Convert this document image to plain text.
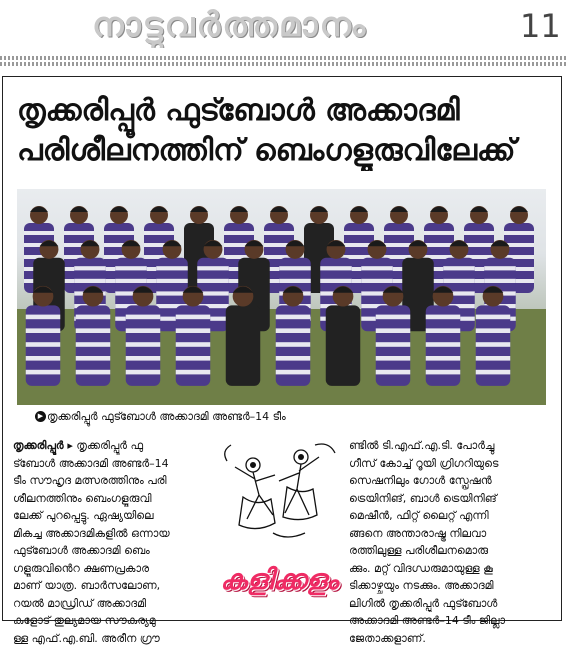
നാട്ടുവർത്തമാനം	11
തൃക്കരിപ്പൂർ ഫുട്ബോൾ അക്കാദമി
പരിശീലനത്തിന് ബെംഗളൂരുവിലേക്ക്
▶ തൃക്കരിപ്പൂർ ഫുട്ബോൾ അക്കാദമി അണ്ടർ–14 ടീം
തൃക്കരിപ്പൂർ ▸ തൃക്കരിപ്പൂർ ഫു
ട്ബോൾ അക്കാദമി അണ്ടർ–14
ടീം സൗഹൃദ മത്സരത്തിനും പരി
ശീലനത്തിനും ബെംഗളൂരുവി
ലേക്ക് പുറപ്പെട്ടു. ഏഷ്യയിലെ
മികച്ച അക്കാദമികളിൽ ഒന്നായ
ഫുട്ബോൾ അക്കാദമി ബെം
ഗളൂരുവിൻെറ ക്ഷണപ്രകാര
മാണ് യാത്ര. ബാർസലോണ,
റയൽ മാഡ്രിഡ് അക്കാദമി
കളോട് തുല്യമായ സൗകര്യമു
ള്ള എഫ്.എ.ബി. അരീന ഗ്രൗ
കളിക്കളം
ണ്ടിൽ ടി.എഫ്.എ.ടി. പോർച്ചു
ഗീസ് കോച്ച് റൂയി ഗ്രിഗറിയുടെ
സെഷനിലും ഗോൾ സ്പ്രേഷൻ
ട്രെയിനിങ്, ബാൾ ട്രെയിനിങ്
മെഷീൻ, ഫിറ്റ് ലൈറ്റ് എന്നി
ങ്ങനെ അന്താരാഷ്ട്ര നിലവാ
രത്തിലുള്ള പരിശീലനമൊരു
ക്കും. മറ്റ് വിദഗ്ധരുമായുള്ള കൂ
ടിക്കാഴ്ചയും നടക്കും. അക്കാദമി
ലിഗിൽ തൃക്കരിപ്പൂർ ഫുട്ബോൾ
അക്കാദമി അണ്ടർ–14 ടീം ജില്ലാ
ജേതാക്കളാണ്.
